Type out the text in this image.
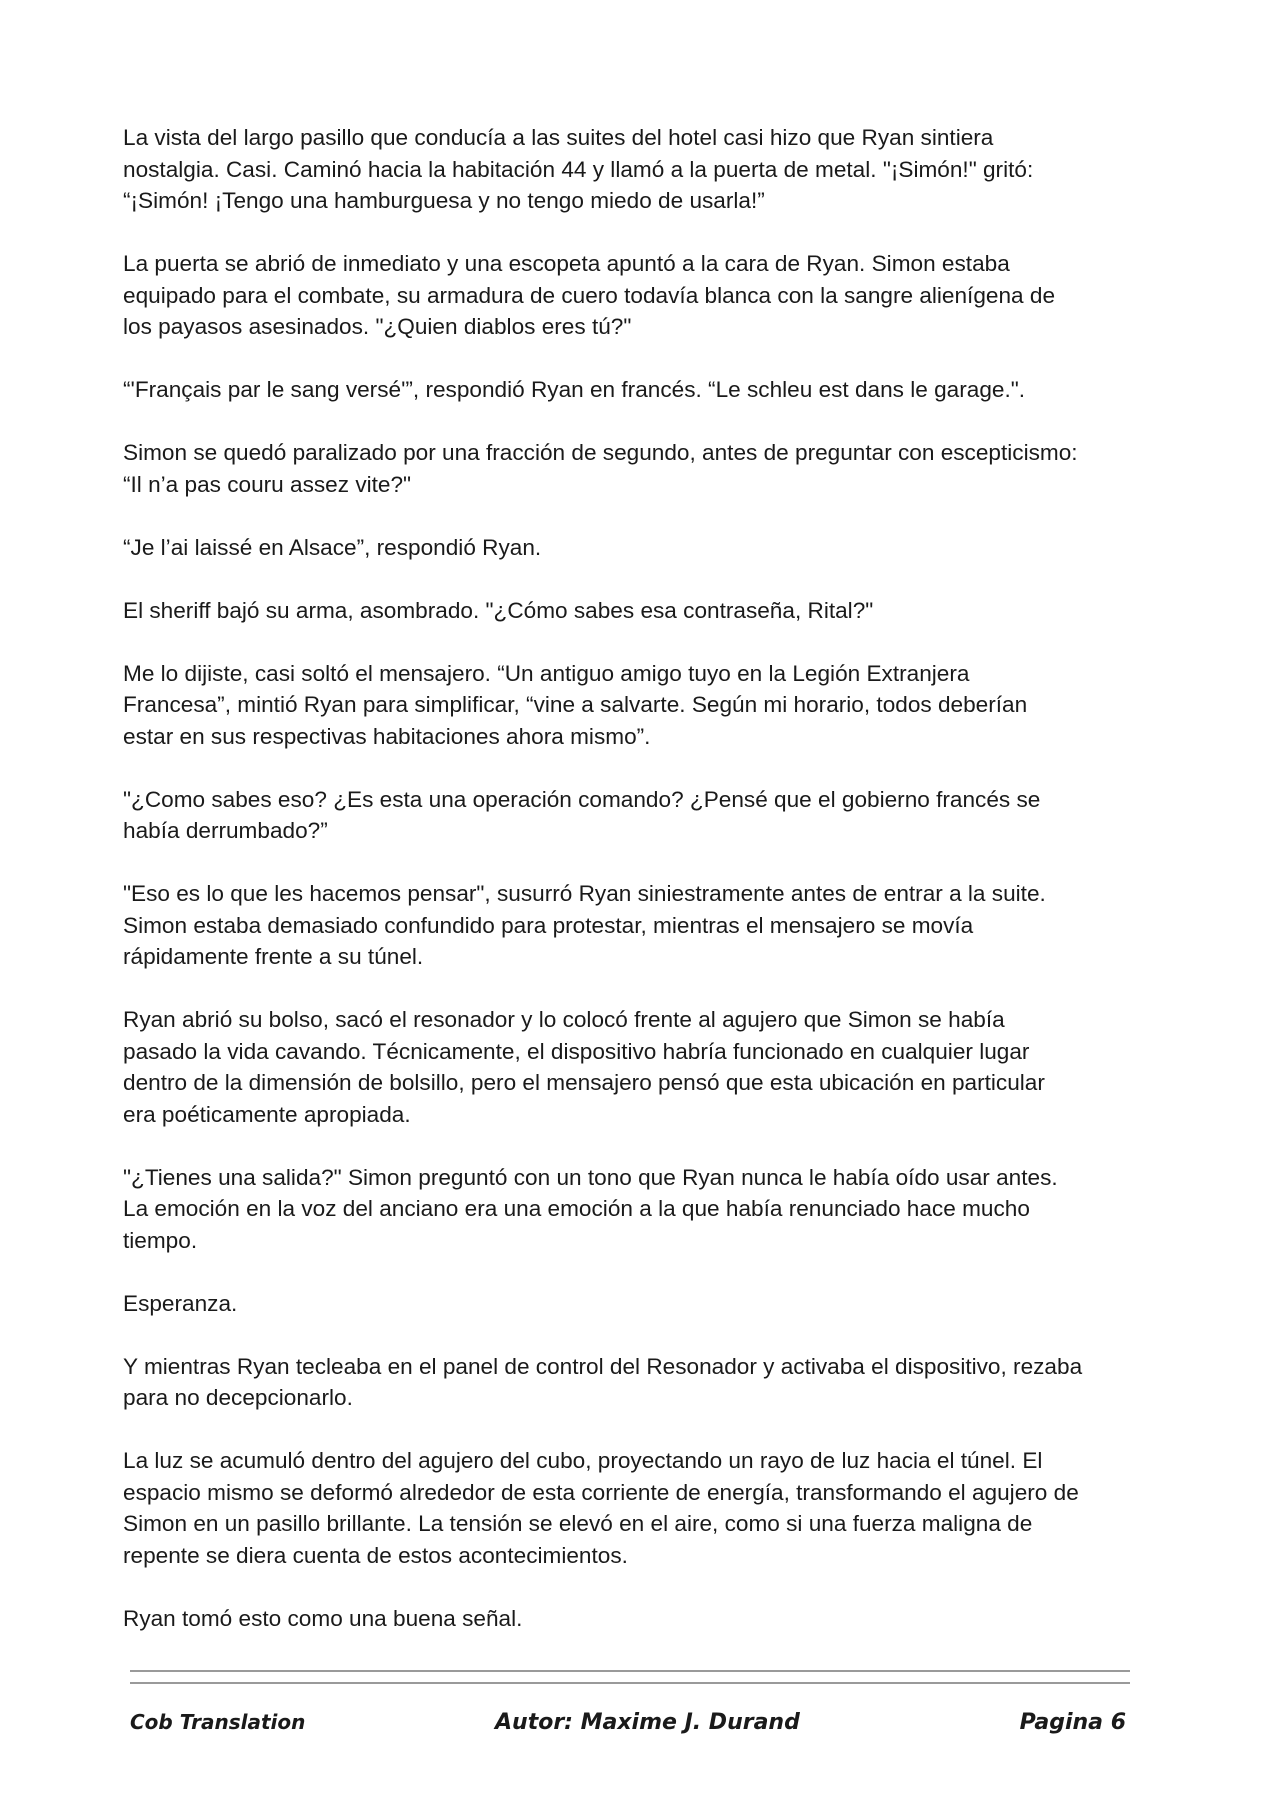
La vista del largo pasillo que conducía a las suites del hotel casi hizo que Ryan sintiera
nostalgia. Casi. Caminó hacia la habitación 44 y llamó a la puerta de metal. "¡Simón!" gritó:
“¡Simón! ¡Tengo una hamburguesa y no tengo miedo de usarla!”

La puerta se abrió de inmediato y una escopeta apuntó a la cara de Ryan. Simon estaba
equipado para el combate, su armadura de cuero todavía blanca con la sangre alienígena de
los payasos asesinados. "¿Quien diablos eres tú?"

“'Français par le sang versé'”, respondió Ryan en francés. “Le schleu est dans le garage.".

Simon se quedó paralizado por una fracción de segundo, antes de preguntar con escepticismo:
“Il n’a pas couru assez vite?"

“Je l’ai laissé en Alsace”, respondió Ryan.

El sheriff bajó su arma, asombrado. "¿Cómo sabes esa contraseña, Rital?"

Me lo dijiste, casi soltó el mensajero. “Un antiguo amigo tuyo en la Legión Extranjera
Francesa”, mintió Ryan para simplificar, “vine a salvarte. Según mi horario, todos deberían
estar en sus respectivas habitaciones ahora mismo”.

"¿Como sabes eso? ¿Es esta una operación comando? ¿Pensé que el gobierno francés se
había derrumbado?”

"Eso es lo que les hacemos pensar", susurró Ryan siniestramente antes de entrar a la suite.
Simon estaba demasiado confundido para protestar, mientras el mensajero se movía
rápidamente frente a su túnel.

Ryan abrió su bolso, sacó el resonador y lo colocó frente al agujero que Simon se había
pasado la vida cavando. Técnicamente, el dispositivo habría funcionado en cualquier lugar
dentro de la dimensión de bolsillo, pero el mensajero pensó que esta ubicación en particular
era poéticamente apropiada.

"¿Tienes una salida?" Simon preguntó con un tono que Ryan nunca le había oído usar antes.
La emoción en la voz del anciano era una emoción a la que había renunciado hace mucho
tiempo.

Esperanza.

Y mientras Ryan tecleaba en el panel de control del Resonador y activaba el dispositivo, rezaba
para no decepcionarlo.

La luz se acumuló dentro del agujero del cubo, proyectando un rayo de luz hacia el túnel. El
espacio mismo se deformó alrededor de esta corriente de energía, transformando el agujero de
Simon en un pasillo brillante. La tensión se elevó en el aire, como si una fuerza maligna de
repente se diera cuenta de estos acontecimientos.

Ryan tomó esto como una buena señal.

Cob Translation	Autor: Maxime J. Durand	Pagina 6
